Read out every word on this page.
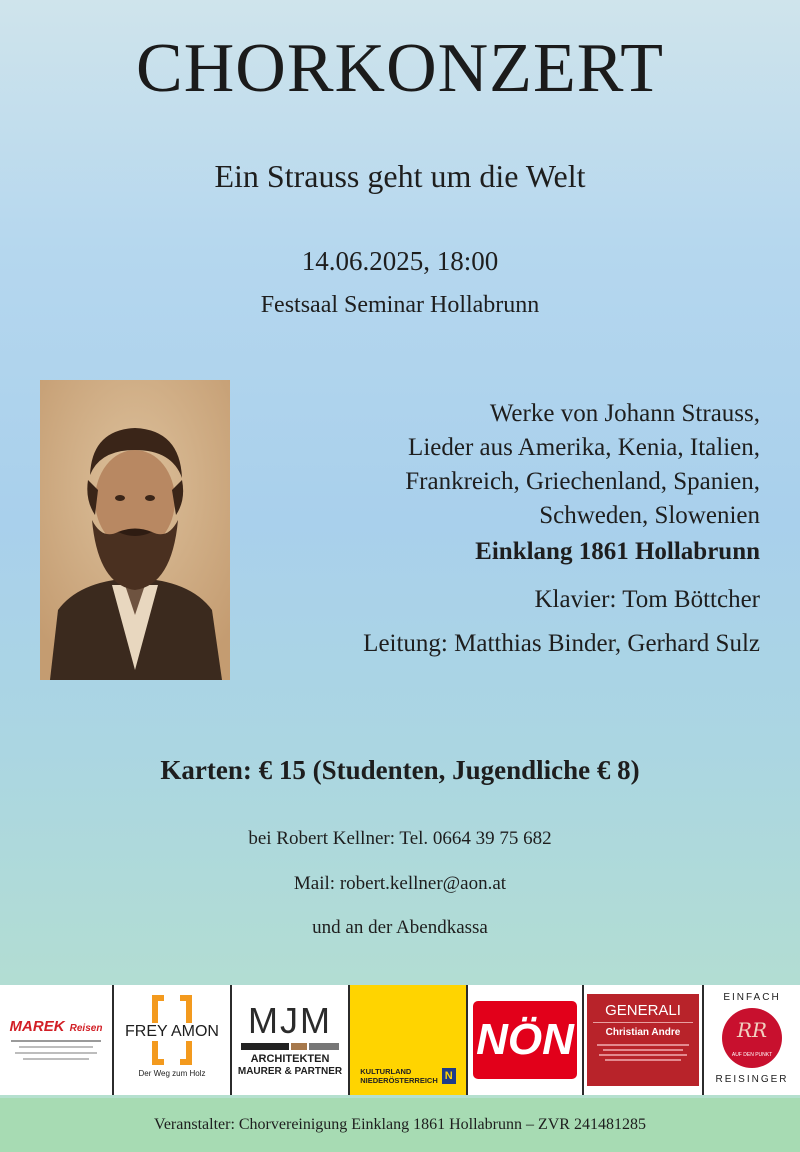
CHORKONZERT
Ein Strauss geht um die Welt
14.06.2025, 18:00
Festsaal Seminar Hollabrunn
Werke von Johann Strauss,
Lieder aus Amerika, Kenia, Italien,
Frankreich, Griechenland, Spanien,
Schweden, Slowenien
Einklang 1861 Hollabrunn
Klavier: Tom Böttcher
Leitung: Matthias Binder, Gerhard Sulz
Karten: € 15 (Studenten, Jugendliche € 8)
bei Robert Kellner: Tel. 0664 39 75 682
Mail: robert.kellner@aon.at
und an der Abendkassa
MAREK Reisen	FREY AMON
Der Weg zum Holz
MJM
ARCHITEKTEN
MAURER & PARTNER KULTURLAND
NIEDERÖSTERREICH N
NÖN
GENERALI
Christian Andre
EINFACH
RR
AUF DEN PUNKT
REISINGER
Veranstalter: Chorvereinigung Einklang 1861 Hollabrunn – ZVR 241481285
